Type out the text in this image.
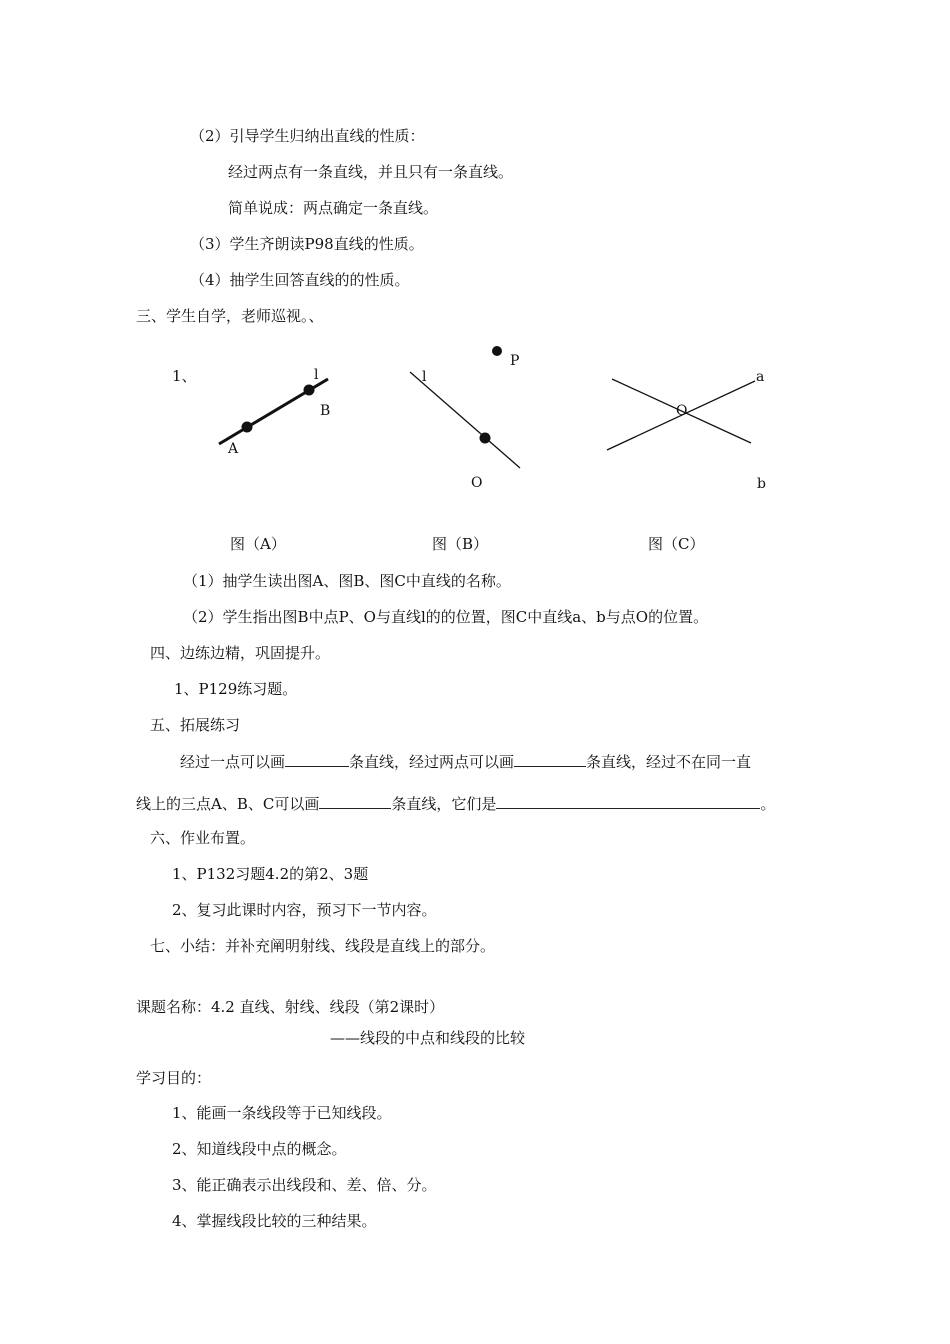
（2）引导学生归纳出直线的性质：
经过两点有一条直线，并且只有一条直线。
简单说成：两点确定一条直线。
（3）学生齐朗读P98直线的性质。
（4）抽学生回答直线的的性质。
三、学生自学，老师巡视。、
1、	l
A
B
P
l
O
a
b
O
图（A）	图（B）	图（C）
（1）抽学生读出图A、图B、图C中直线的名称。
（2）学生指出图B中点P、O与直线l的的位置，图C中直线a、b与点O的位置。
四、边练边精，巩固提升。
1、P129练习题。
五、拓展练习
经过一点可以画	条直线，经过两点可以画	条直线，经过不在同一直
线上的三点A、B、C可以画	条直线，它们是	。
六、作业布置。
1、P132习题4.2的第2、3题
2、复习此课时内容，预习下一节内容。
七、小结：并补充阐明射线、线段是直线上的部分。
课题名称：4.2 直线、射线、线段（第2课时）
——线段的中点和线段的比较
学习目的：
1、能画一条线段等于已知线段。
2、知道线段中点的概念。
3、能正确表示出线段和、差、倍、分。
4、掌握线段比较的三种结果。
